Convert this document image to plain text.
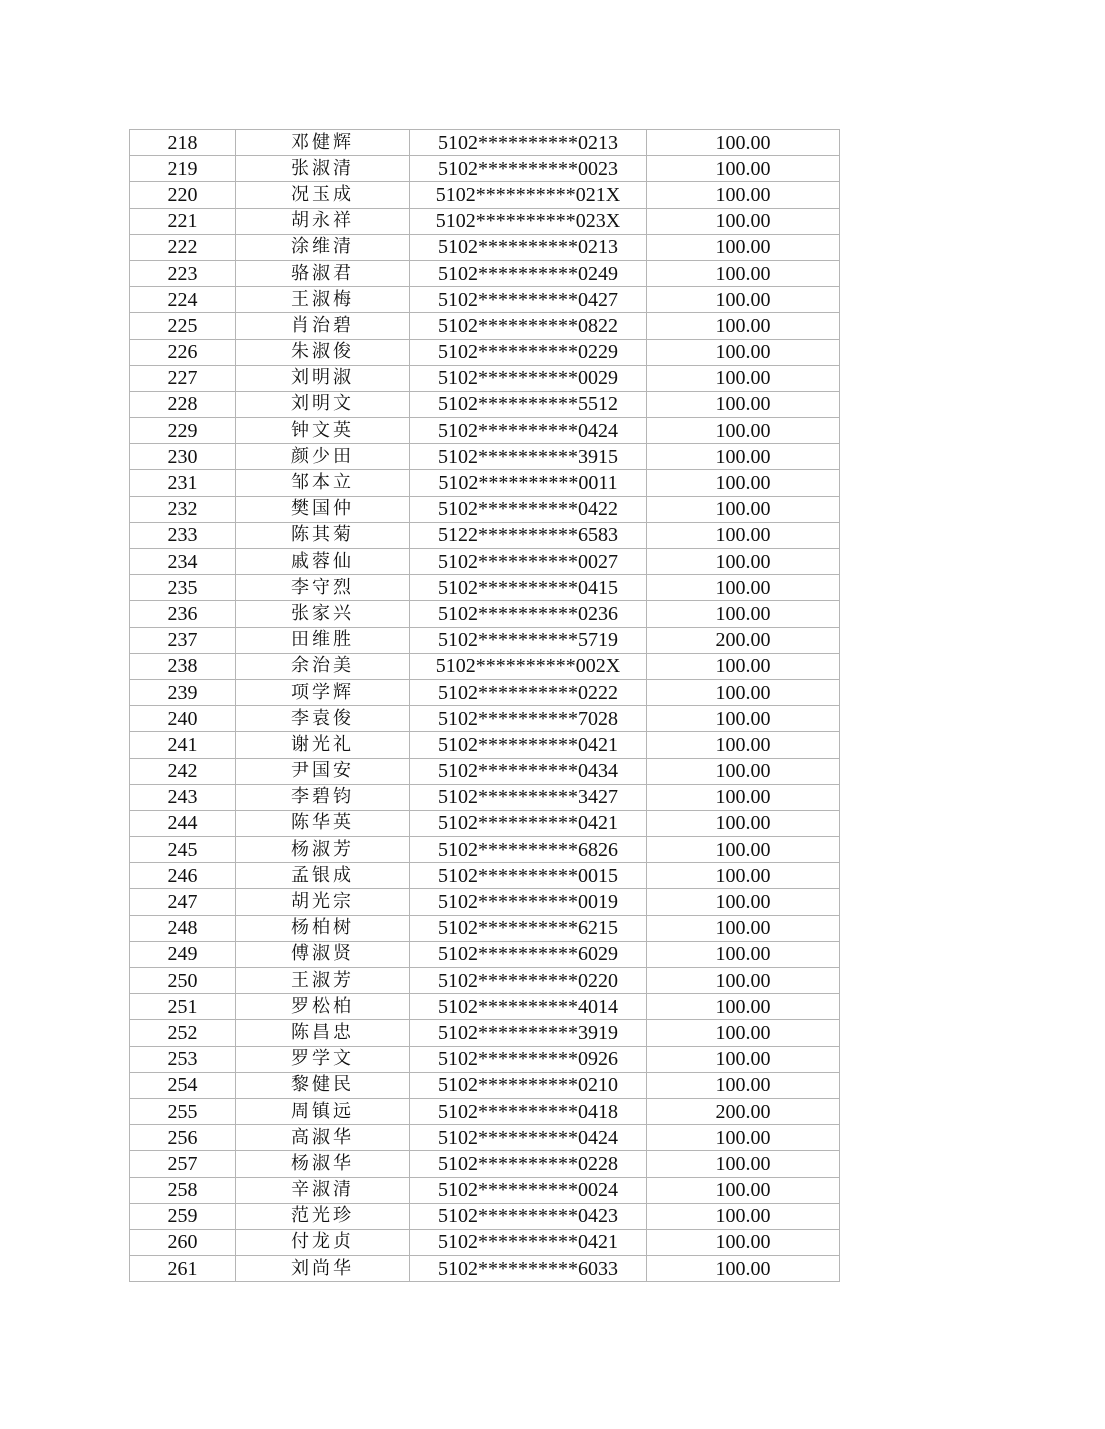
218	邓健辉	5102**********0213	100.00
219	张淑清	5102**********0023	100.00
220	况玉成	5102**********021X	100.00
221	胡永祥	5102**********023X	100.00
222	涂维清	5102**********0213	100.00
223	骆淑君	5102**********0249	100.00
224	王淑梅	5102**********0427	100.00
225	肖治碧	5102**********0822	100.00
226	朱淑俊	5102**********0229	100.00
227	刘明淑	5102**********0029	100.00
228	刘明文	5102**********5512	100.00
229	钟文英	5102**********0424	100.00
230	颜少田	5102**********3915	100.00
231	邹本立	5102**********0011	100.00
232	樊国仲	5102**********0422	100.00
233	陈其菊	5122**********6583	100.00
234	戚蓉仙	5102**********0027	100.00
235	李守烈	5102**********0415	100.00
236	张家兴	5102**********0236	100.00
237	田维胜	5102**********5719	200.00
238	余治美	5102**********002X	100.00
239	项学辉	5102**********0222	100.00
240	李袁俊	5102**********7028	100.00
241	谢光礼	5102**********0421	100.00
242	尹国安	5102**********0434	100.00
243	李碧钧	5102**********3427	100.00
244	陈华英	5102**********0421	100.00
245	杨淑芳	5102**********6826	100.00
246	孟银成	5102**********0015	100.00
247	胡光宗	5102**********0019	100.00
248	杨柏树	5102**********6215	100.00
249	傅淑贤	5102**********6029	100.00
250	王淑芳	5102**********0220	100.00
251	罗松柏	5102**********4014	100.00
252	陈昌忠	5102**********3919	100.00
253	罗学文	5102**********0926	100.00
254	黎健民	5102**********0210	100.00
255	周镇远	5102**********0418	200.00
256	高淑华	5102**********0424	100.00
257	杨淑华	5102**********0228	100.00
258	辛淑清	5102**********0024	100.00
259	范光珍	5102**********0423	100.00
260	付龙贞	5102**********0421	100.00
261	刘尚华	5102**********6033	100.00
